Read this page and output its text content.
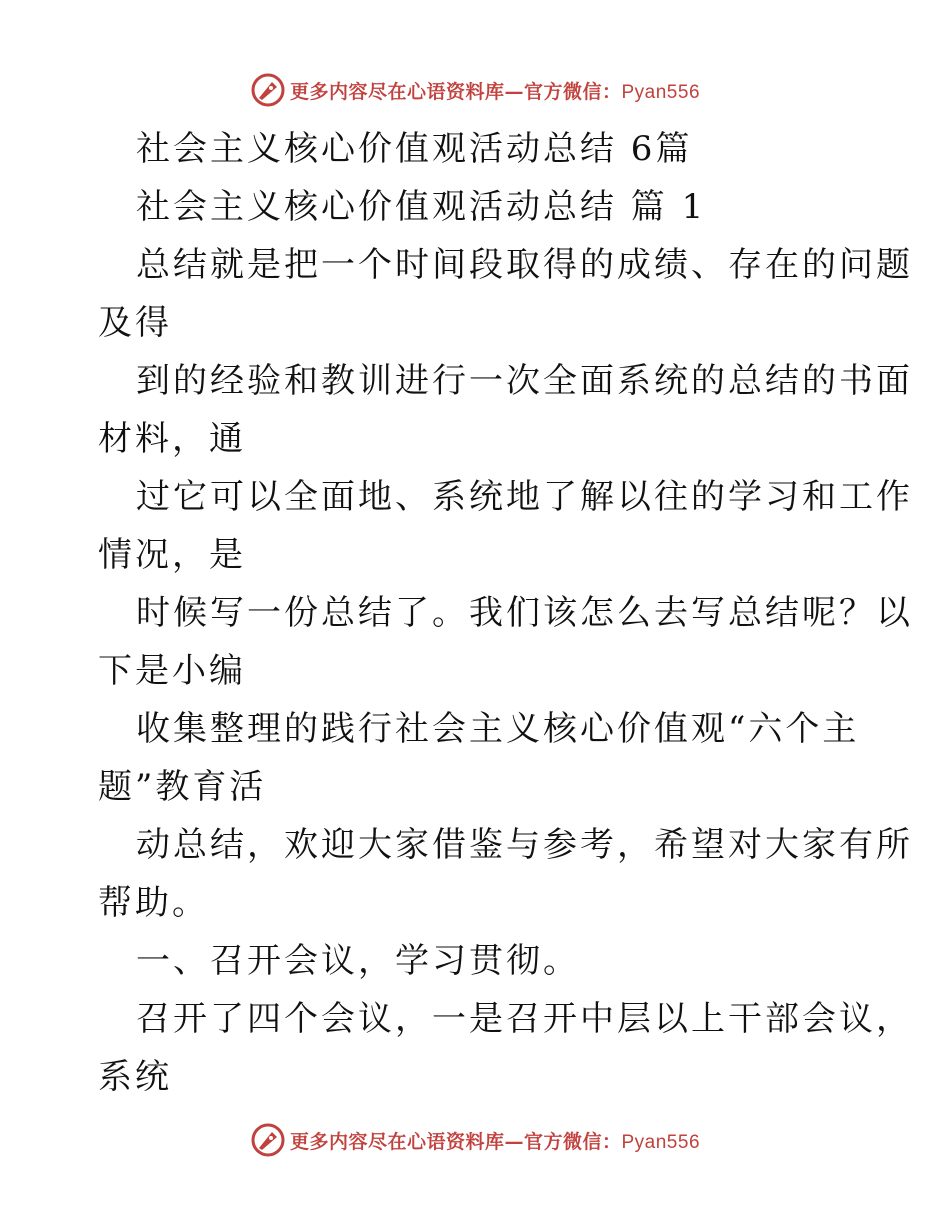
更多内容尽在心语资料库—官方微信：Pyan556

社会主义核心价值观活动总结 6篇

社会主义核心价值观活动总结 篇 1

总结就是把一个时间段取得的成绩、存在的问题

及得

到的经验和教训进行一次全面系统的总结的书面

材料，通

过它可以全面地、系统地了解以往的学习和工作

情况，是

时候写一份总结了。我们该怎么去写总结呢？以

下是小编

收集整理的践行社会主义核心价值观“六个主

题”教育活

动总结，欢迎大家借鉴与参考，希望对大家有所

帮助。

一、召开会议，学习贯彻。

召开了四个会议，一是召开中层以上干部会议，

系统

更多内容尽在心语资料库—官方微信：Pyan556
